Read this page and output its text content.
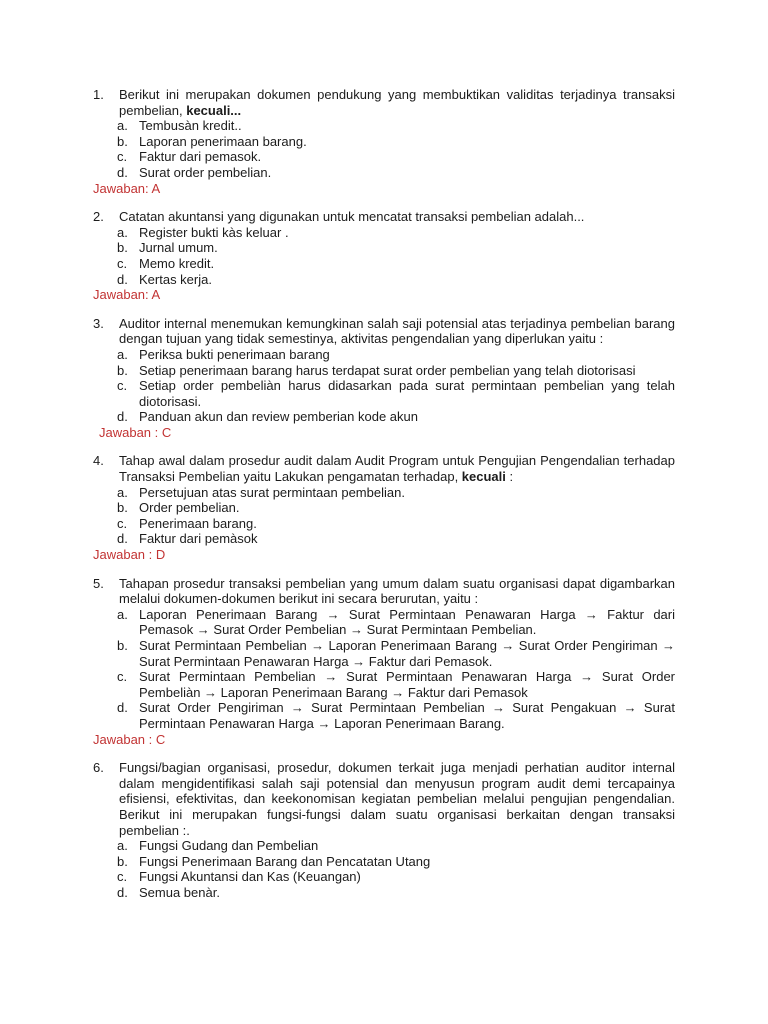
1.	Berikut ini merupakan dokumen pendukung yang membuktikan validitas terjadinya transaksi pembelian, kecuali...
a. Tembusàn kredit..
b. Laporan penerimaan barang.
c. Faktur dari pemasok.
d. Surat order pembelian.
Jawaban: A
2.	Catatan akuntansi yang digunakan untuk mencatat transaksi pembelian adalah...
a. Register bukti kàs keluar .
b. Jurnal umum.
c. Memo kredit.
d. Kertas kerja.
Jawaban: A
3.	Auditor internal menemukan kemungkinan salah saji potensial atas terjadinya pembelian barang dengan tujuan yang tidak semestinya, aktivitas pengendalian yang diperlukan yaitu :
a. Periksa bukti penerimaan barang
b. Setiap penerimaan barang harus terdapat surat order pembelian yang telah diotorisasi
c. Setiap order pembeliàn harus didasarkan pada surat permintaan pembelian yang telah diotorisasi.
d. Panduan akun dan review pemberian kode akun
Jawaban : C
4.	Tahap awal dalam prosedur audit dalam Audit Program untuk Pengujian Pengendalian terhadap Transaksi Pembelian yaitu Lakukan pengamatan terhadap, kecuali :
a. Persetujuan atas surat permintaan pembelian.
b. Order pembelian.
c. Penerimaan barang.
d. Faktur dari pemàsok
Jawaban : D
5.	Tahapan prosedur transaksi pembelian yang umum dalam suatu organisasi dapat digambarkan melalui dokumen-dokumen berikut ini secara berurutan, yaitu :
a. Laporan Penerimaan Barang → Surat Permintaan Penawaran Harga → Faktur dari Pemasok → Surat Order Pembelian → Surat Permintaan Pembelian.
b. Surat Permintaan Pembelian → Laporan Penerimaan Barang → Surat Order Pengiriman → Surat Permintaan Penawaran Harga → Faktur dari Pemasok.
c. Surat Permintaan Pembelian → Surat Permintaan Penawaran Harga → Surat Order Pembeliàn → Laporan Penerimaan Barang → Faktur dari Pemasok
d. Surat Order Pengiriman → Surat Permintaan Pembelian → Surat Pengakuan → Surat Permintaan Penawaran Harga → Laporan Penerimaan Barang.
Jawaban : C
6.	Fungsi/bagian organisasi, prosedur, dokumen terkait juga menjadi perhatian auditor internal dalam mengidentifikasi salah saji potensial dan menyusun program audit demi tercapainya efisiensi, efektivitas, dan keekonomisan kegiatan pembelian melalui pengujian pengendalian. Berikut ini merupakan fungsi-fungsi dalam suatu organisasi berkaitan dengan transaksi pembelian :.
a. Fungsi Gudang dan Pembelian
b. Fungsi Penerimaan Barang dan Pencatatan Utang
c. Fungsi Akuntansi dan Kas (Keuangan)
d. Semua benàr.
